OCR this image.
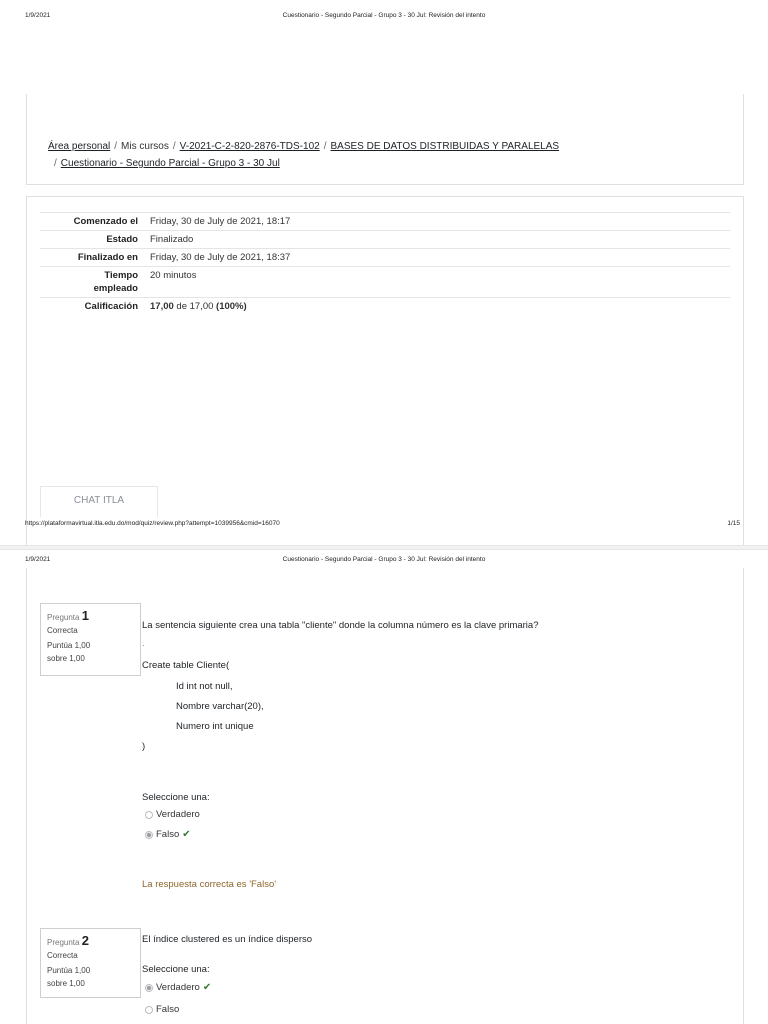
1/9/2021	Cuestionario - Segundo Parcial - Grupo 3 - 30 Jul: Revisión del intento
Área personal / Mis cursos / V-2021-C-2-820-2876-TDS-102 / BASES DE DATOS DISTRIBUIDAS Y PARALELAS
/ Cuestionario - Segundo Parcial - Grupo 3 - 30 Jul
Comenzado el	Friday, 30 de July de 2021, 18:17
Estado	Finalizado
Finalizado en	Friday, 30 de July de 2021, 18:37
Tiempo
empleado	20 minutos
Calificación	17,00 de 17,00 (100%)
CHAT ITLA
https://plataformavirtual.itla.edu.do/mod/quiz/review.php?attempt=1039956&cmid=16070	1/15
1/9/2021	Cuestionario - Segundo Parcial - Grupo 3 - 30 Jul: Revisión del intento
Pregunta 1
Correcta
Puntúa 1,00
sobre 1,00
La sentencia siguiente crea una tabla "cliente" donde la columna número es la clave primaria?
.
Create table Cliente(
Id int not null,
Nombre varchar(20),
Numero int unique
)
Seleccione una:
Verdadero
Falso ✔
La respuesta correcta es 'Falso'
Pregunta 2
Correcta
Puntúa 1,00
sobre 1,00
El índice clustered es un índice disperso
Seleccione una:
Verdadero ✔
Falso
